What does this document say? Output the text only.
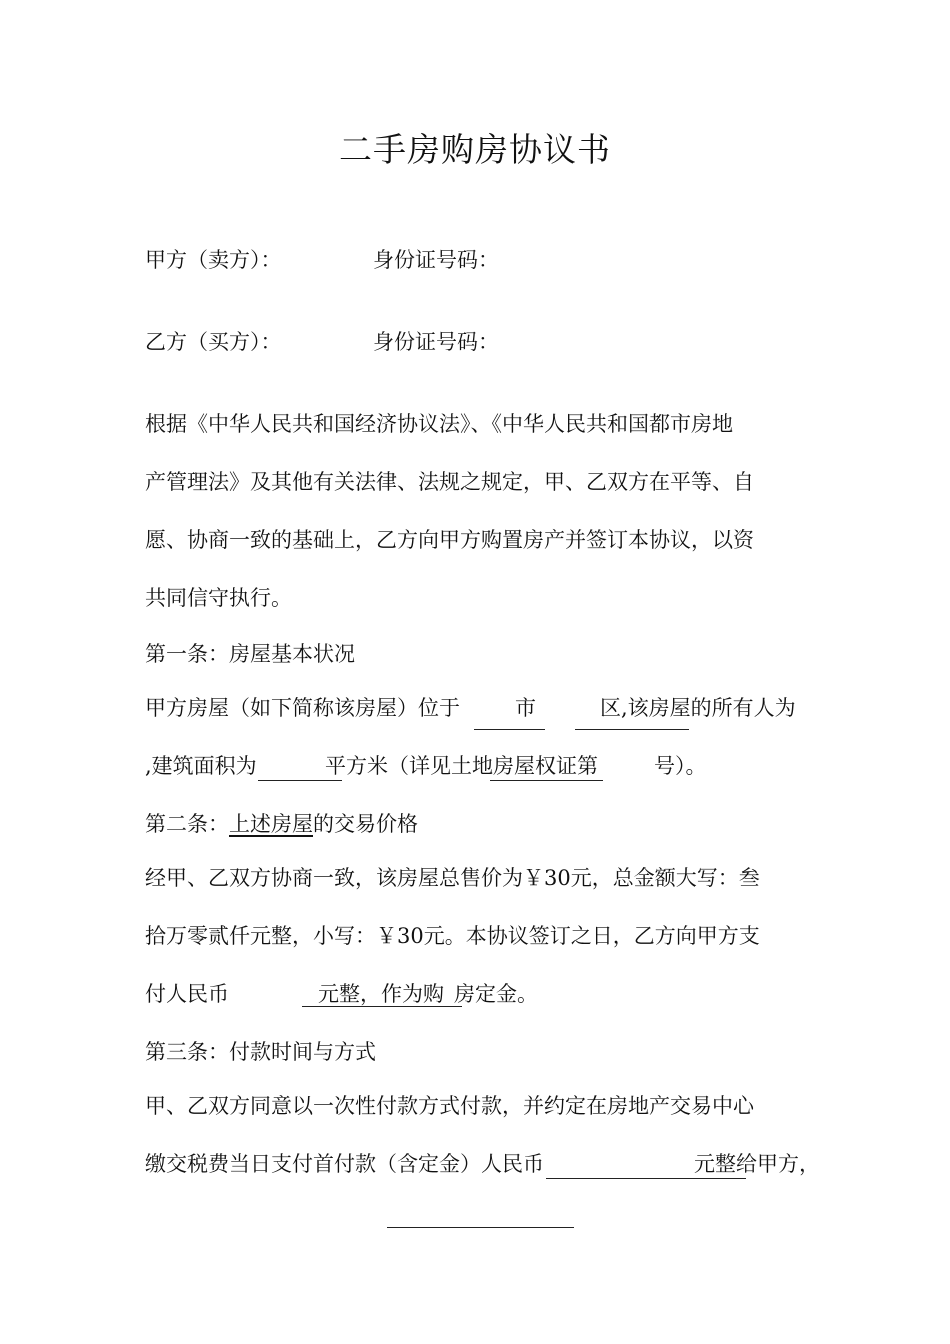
二手房购房协议书
甲方（卖方）：	身份证号码：
乙方（买方）：	身份证号码：
根据《中华人民共和国经济协议法》、《中华人民共和国都市房地
产管理法》及其他有关法律、法规之规定，甲、乙双方在平等、自
愿、协商一致的基础上，乙方向甲方购置房产并签订本协议，以资
共同信守执行。
第一条：房屋基本状况
甲方房屋（如下简称该房屋）位于	市	区,该房屋的所有人为
,建筑面积为	平方米（详见土地房屋权证第	号）。
第二条：上述房屋的交易价格
经甲、乙双方协商一致，该房屋总售价为￥30元，总金额大写：叁
拾万零贰仟元整，小写：￥30元。本协议签订之日，乙方向甲方支
付人民币	元整，作为购 房定金。
第三条：付款时间与方式
甲、乙双方同意以一次性付款方式付款，并约定在房地产交易中心
缴交税费当日支付首付款（含定金）人民币	元整给甲方，
